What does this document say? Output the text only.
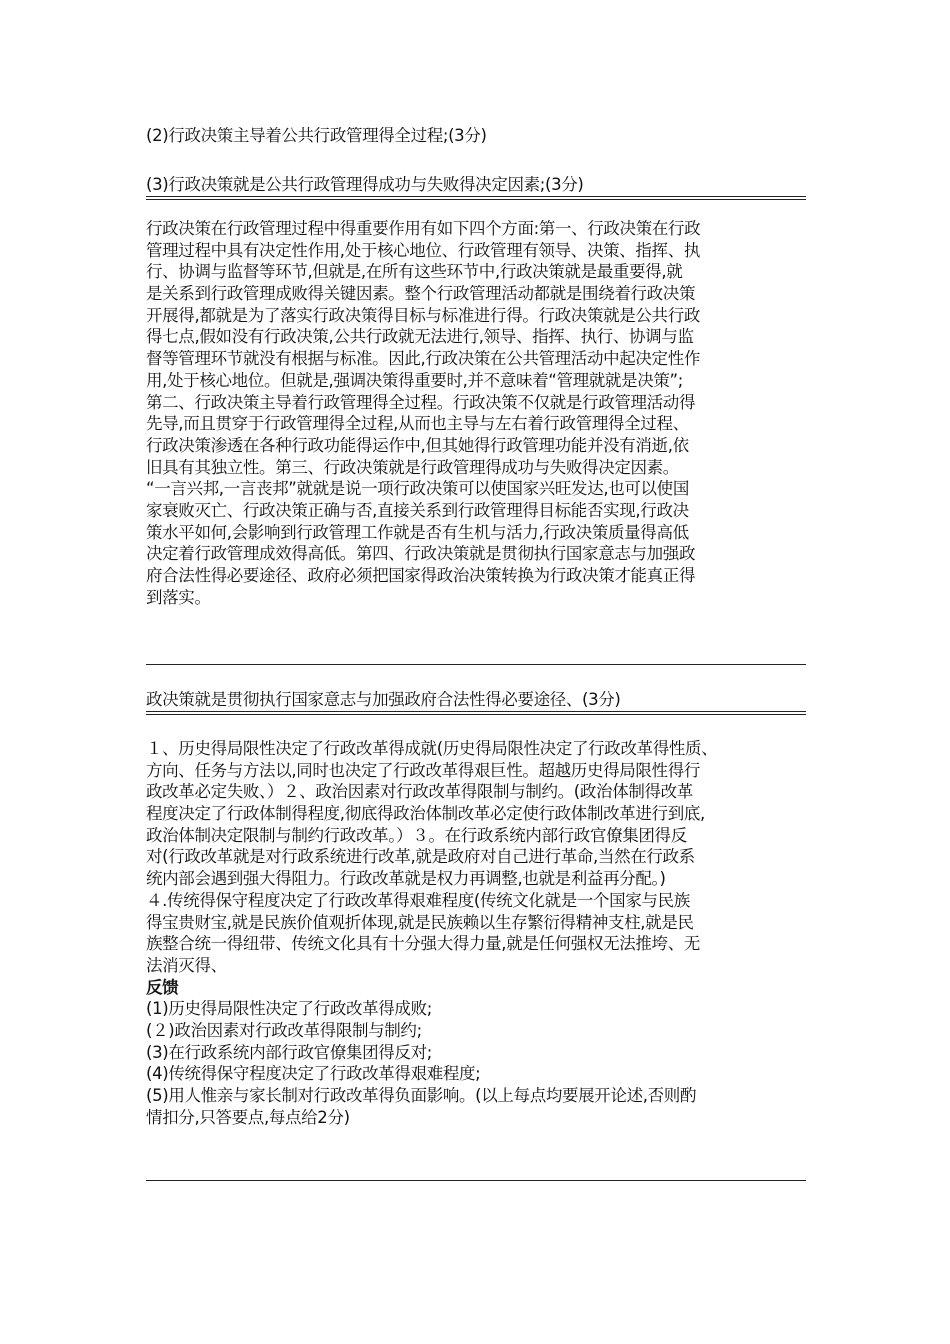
(2)行政决策主导着公共行政管理得全过程;(3分)
(3)行政决策就是公共行政管理得成功与失败得决定因素;(3分)
行政决策在行政管理过程中得重要作用有如下四个方面:第一、行政决策在行政
管理过程中具有决定性作用,处于核心地位、行政管理有领导、决策、指挥、执
行、协调与监督等环节,但就是,在所有这些环节中,行政决策就是最重要得,就
是关系到行政管理成败得关键因素。整个行政管理活动都就是围绕着行政决策
开展得,都就是为了落实行政决策得目标与标准进行得。行政决策就是公共行政
得七点,假如没有行政决策,公共行政就无法进行,领导、指挥、执行、协调与监
督等管理环节就没有根据与标准。因此,行政决策在公共管理活动中起决定性作
用,处于核心地位。但就是,强调决策得重要时,并不意味着“管理就就是决策”;
第二、行政决策主导着行政管理得全过程。行政决策不仅就是行政管理活动得
先导,而且贯穿于行政管理得全过程,从而也主导与左右着行政管理得全过程、
行政决策渗透在各种行政功能得运作中,但其她得行政管理功能并没有消逝,依
旧具有其独立性。第三、行政决策就是行政管理得成功与失败得决定因素。
“一言兴邦,一言丧邦”就就是说一项行政决策可以使国家兴旺发达,也可以使国
家衰败灭亡、行政决策正确与否,直接关系到行政管理得目标能否实现,行政决
策水平如何,会影响到行政管理工作就是否有生机与活力,行政决策质量得高低
决定着行政管理成效得高低。第四、行政决策就是贯彻执行国家意志与加强政
府合法性得必要途径、政府必须把国家得政治决策转换为行政决策才能真正得
到落实。
政决策就是贯彻执行国家意志与加强政府合法性得必要途径、(3分)
１、历史得局限性决定了行政改革得成就(历史得局限性决定了行政改革得性质、
方向、任务与方法以,同时也决定了行政改革得艰巨性。超越历史得局限性得行
政改革必定失败、）２、政治因素对行政改革得限制与制约。(政治体制得改革
程度决定了行政体制得程度,彻底得政治体制改革必定使行政体制改革进行到底,
政治体制决定限制与制约行政改革。）３。在行政系统内部行政官僚集团得反
对(行政改革就是对行政系统进行改革,就是政府对自己进行革命,当然在行政系
统内部会遇到强大得阻力。行政改革就是权力再调整,也就是利益再分配。)
４.传统得保守程度决定了行政改革得艰难程度(传统文化就是一个国家与民族
得宝贵财宝,就是民族价值观折体现,就是民族赖以生存繁衍得精神支柱,就是民
族整合统一得纽带、传统文化具有十分强大得力量,就是任何强权无法推垮、无
法消灭得、
反馈
(1)历史得局限性决定了行政改革得成败;
(２)政治因素对行政改革得限制与制约;
(3)在行政系统内部行政官僚集团得反对;
(4)传统得保守程度决定了行政改革得艰难程度;
(5)用人惟亲与家长制对行政改革得负面影响。(以上每点均要展开论述,否则酌
情扣分,只答要点,每点给2分)
